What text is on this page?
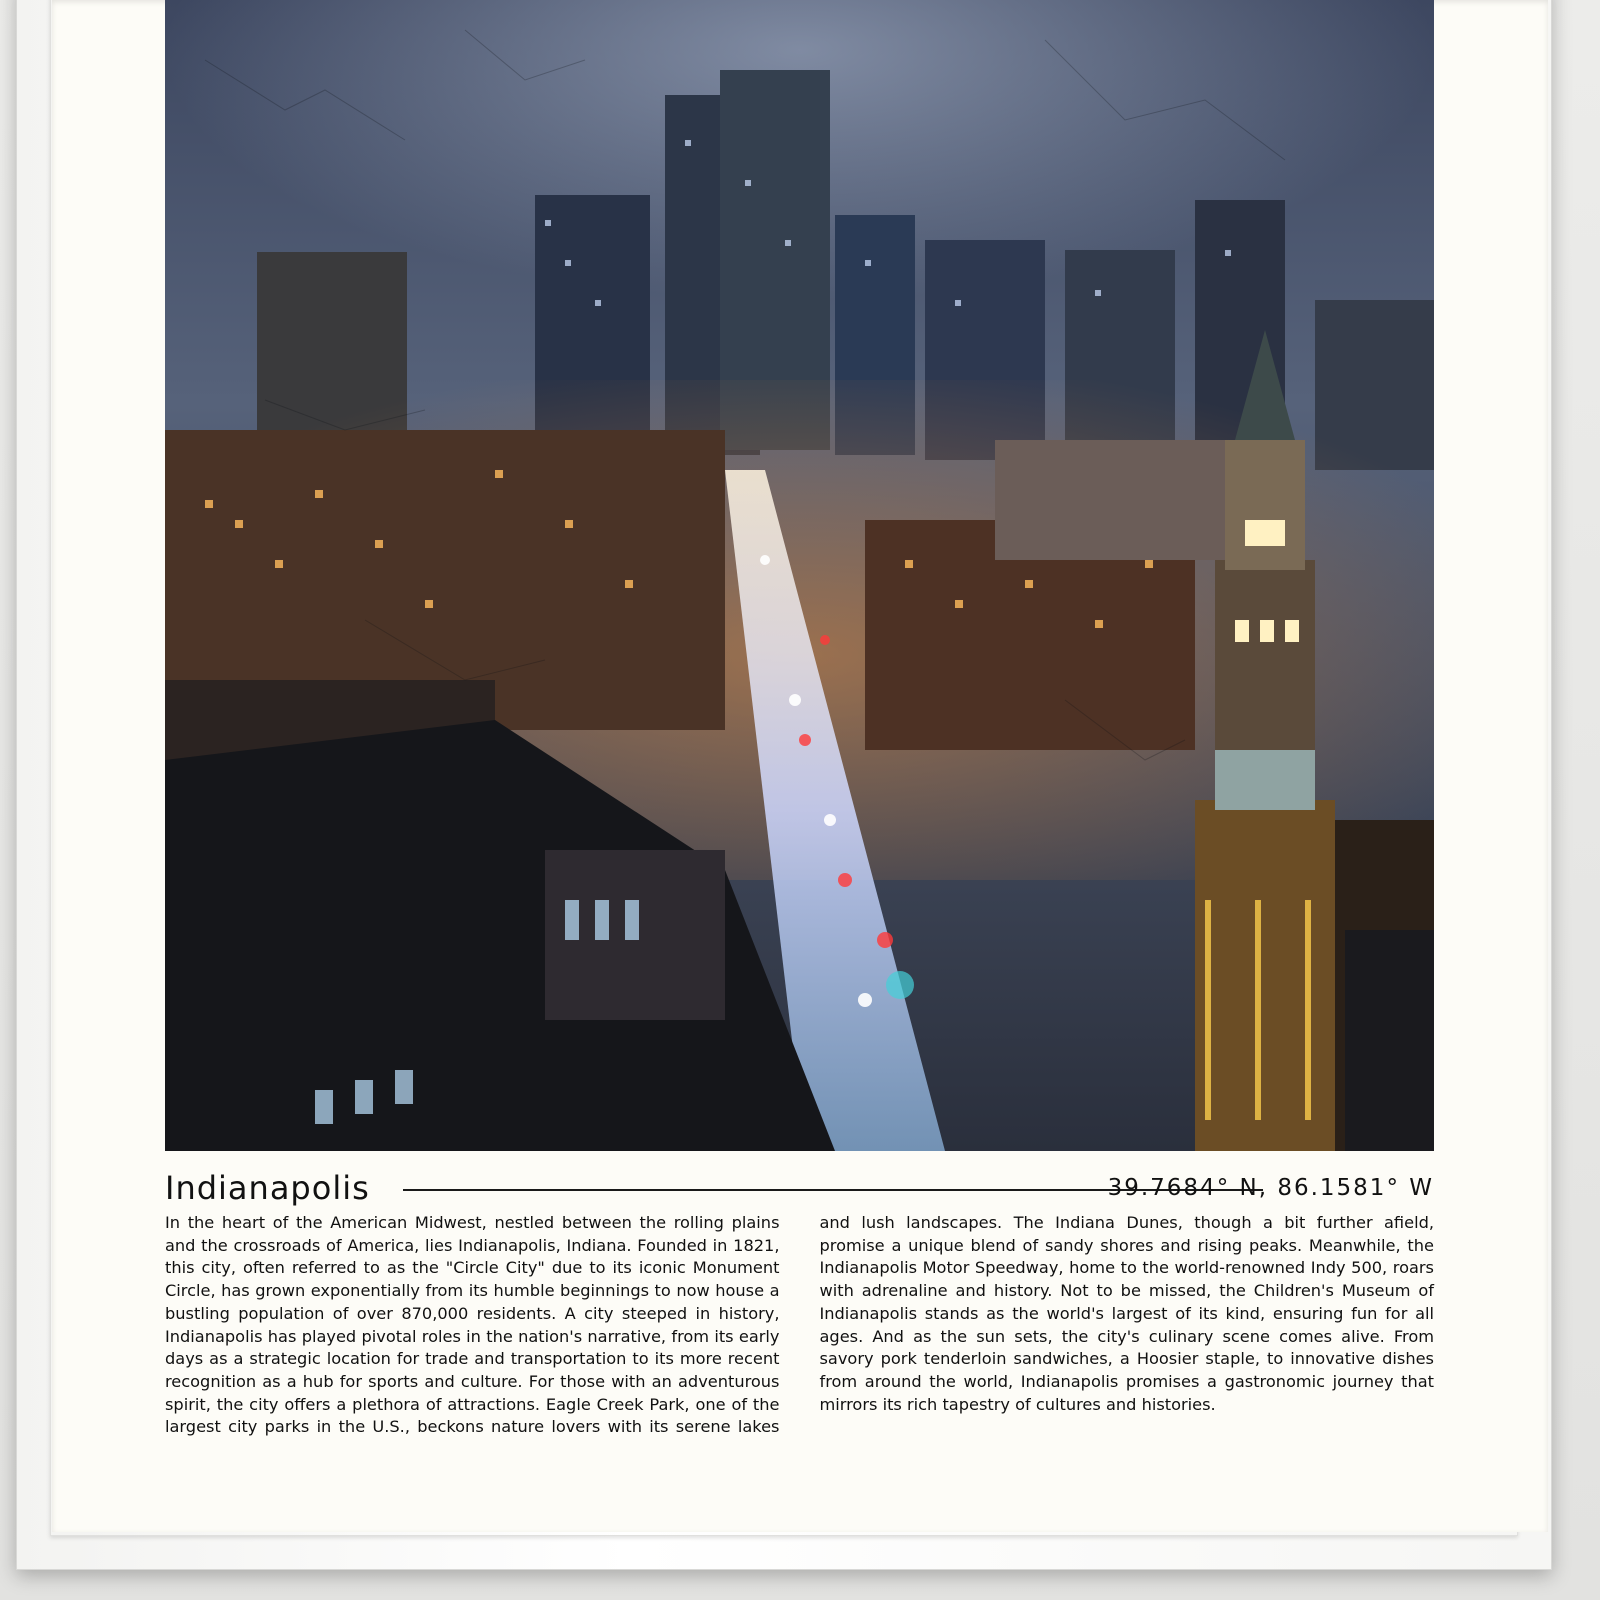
Indianapolis	39.7684° N, 86.1581° W

In the heart of the American Midwest, nestled between the rolling plains and the crossroads of America, lies Indianapolis, Indiana. Founded in 1821, this city, often referred to as the "Circle City" due to its iconic Monument Circle, has grown exponentially from its humble beginnings to now house a bustling population of over 870,000 residents. A city steeped in history, Indianapolis has played pivotal roles in the nation's narrative, from its early days as a strategic location for trade and transportation to its more recent recognition as a hub for sports and culture. For those with an adventurous spirit, the city offers a plethora of attractions. Eagle Creek Park, one of the largest city parks in the U.S., beckons nature lovers with its serene lakes and lush landscapes. The Indiana Dunes, though a bit further afield, promise a unique blend of sandy shores and rising peaks. Meanwhile, the Indianapolis Motor Speedway, home to the world-renowned Indy 500, roars with adrenaline and history. Not to be missed, the Children's Museum of Indianapolis stands as the world's largest of its kind, ensuring fun for all ages. And as the sun sets, the city's culinary scene comes alive. From savory pork tenderloin sandwiches, a Hoosier staple, to innovative dishes from around the world, Indianapolis promises a gastronomic journey that mirrors its rich tapestry of cultures and histories.
